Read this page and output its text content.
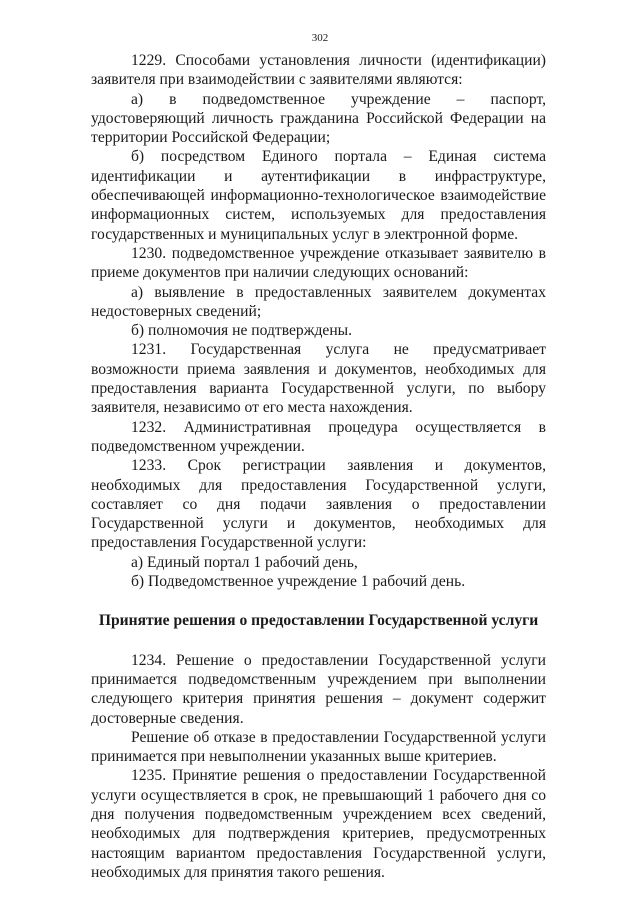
302

1229. Способами установления личности (идентификации) заявителя при взаимодействии с заявителями являются:

а) в подведомственное учреждение – паспорт, удостоверяющий личность гражданина Российской Федерации на территории Российской Федерации;

б) посредством Единого портала – Единая система идентификации и аутентификации в инфраструктуре, обеспечивающей информационно-технологическое взаимодействие информационных систем, используемых для предоставления государственных и муниципальных услуг в электронной форме.

1230. подведомственное учреждение отказывает заявителю в приеме документов при наличии следующих оснований:

а) выявление в предоставленных заявителем документах недостоверных сведений;

б) полномочия не подтверждены.

1231. Государственная услуга не предусматривает возможности приема заявления и документов, необходимых для предоставления варианта Государственной услуги, по выбору заявителя, независимо от его места нахождения.

1232. Административная процедура осуществляется в подведомственном учреждении.

1233. Срок регистрации заявления и документов, необходимых для предоставления Государственной услуги, составляет со дня подачи заявления о предоставлении Государственной услуги и документов, необходимых для предоставления Государственной услуги:

а) Единый портал 1 рабочий день,

б) Подведомственное учреждение 1 рабочий день.

Принятие решения о предоставлении Государственной услуги

1234. Решение о предоставлении Государственной услуги принимается подведомственным учреждением при выполнении следующего критерия принятия решения – документ содержит достоверные сведения.

Решение об отказе в предоставлении Государственной услуги принимается при невыполнении указанных выше критериев.

1235. Принятие решения о предоставлении Государственной услуги осуществляется в срок, не превышающий 1 рабочего дня со дня получения подведомственным учреждением всех сведений, необходимых для подтверждения критериев, предусмотренных настоящим вариантом предоставления Государственной услуги, необходимых для принятия такого решения.
